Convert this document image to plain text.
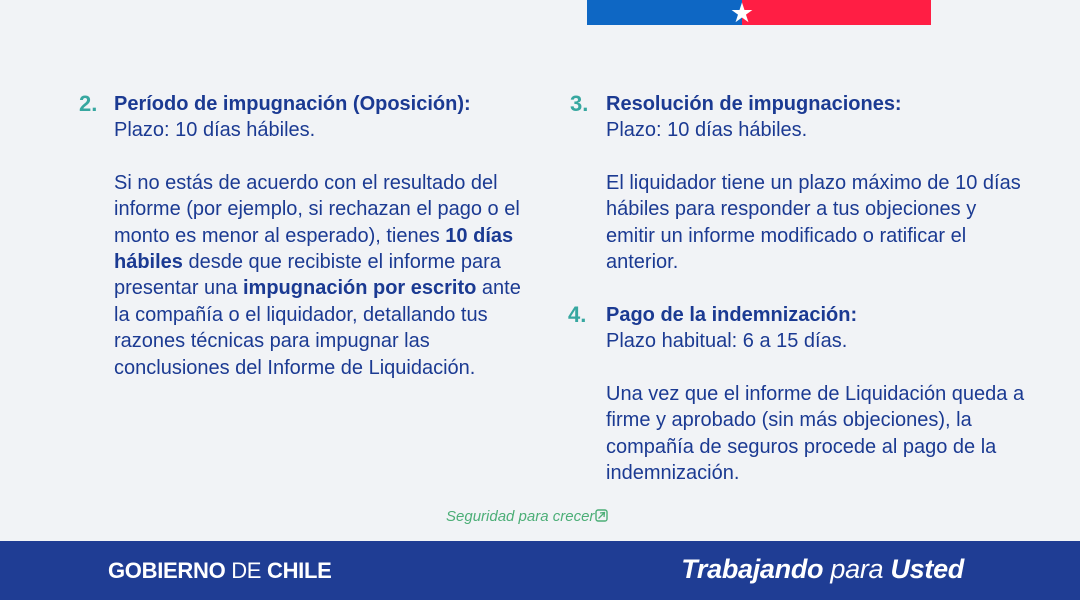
★
2. Período de impugnación (Oposición):
Plazo: 10 días hábiles.
Si no estás de acuerdo con el resultado del informe (por ejemplo, si rechazan el pago o el monto es menor al esperado), tienes 10 días hábiles desde que recibiste el informe para presentar una impugnación por escrito ante la compañía o el liquidador, detallando tus razones técnicas para impugnar las conclusiones del Informe de Liquidación.
3. Resolución de impugnaciones:
Plazo: 10 días hábiles.
El liquidador tiene un plazo máximo de 10 días hábiles para responder a tus objeciones y emitir un informe modificado o ratificar el anterior.
4. Pago de la indemnización:
Plazo habitual: 6 a 15 días.
Una vez que el informe de Liquidación queda a firme y aprobado (sin más objeciones), la compañía de seguros procede al pago de la indemnización.
Seguridad para crecer
GOBIERNO DE CHILE	Trabajando para Usted
